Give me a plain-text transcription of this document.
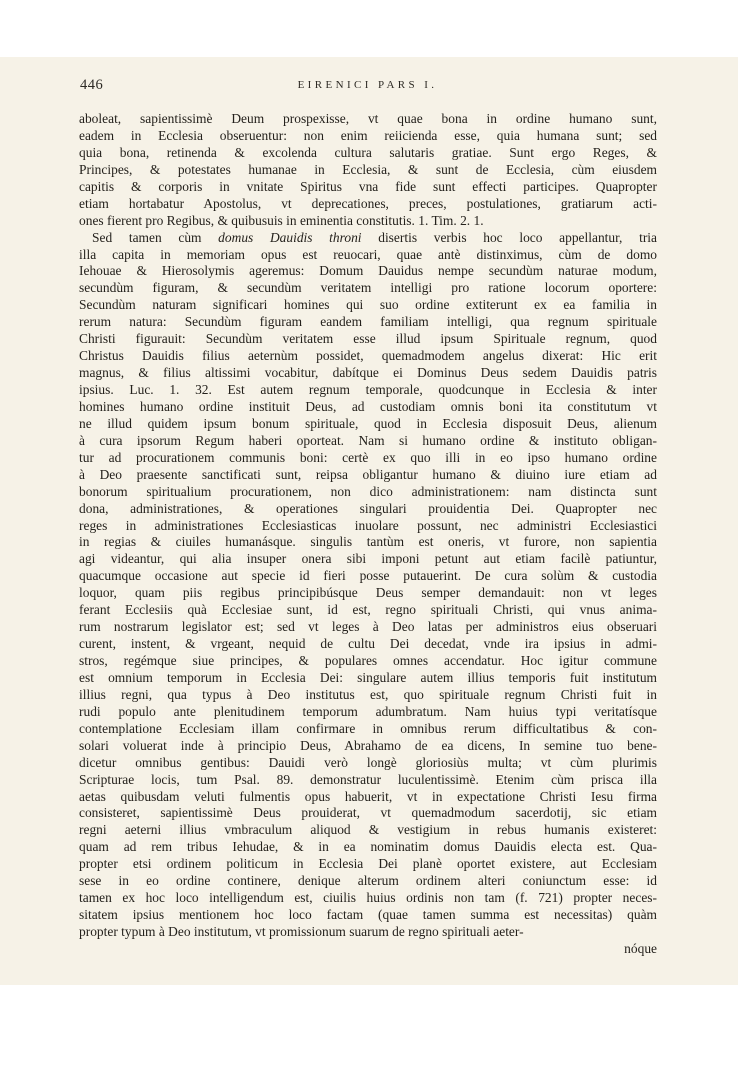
446	EIRENICI PARS I.
aboleat, sapientissimè Deum prospexisse, vt quae bona in ordine humano sunt,
eadem in Ecclesia obseruentur: non enim reiicienda esse, quia humana sunt; sed
quia bona, retinenda & excolenda cultura salutaris gratiae. Sunt ergo Reges, &
Principes, & potestates humanae in Ecclesia, & sunt de Ecclesia, cùm eiusdem
capitis & corporis in vnitate Spiritus vna fide sunt effecti participes. Quapropter
etiam hortabatur Apostolus, vt deprecationes, preces, postulationes, gratiarum acti-
ones fierent pro Regibus, & quibusuis in eminentia constitutis. 1. Tim. 2. 1.
Sed tamen cùm domus Dauidis throni disertis verbis hoc loco appellantur, tria
illa capita in memoriam opus est reuocari, quae antè distinximus, cùm de domo
Iehouae & Hierosolymis ageremus: Domum Dauidus nempe secundùm naturae modum,
secundùm figuram, & secundùm veritatem intelligi pro ratione locorum oportere:
Secundùm naturam significari homines qui suo ordine extiterunt ex ea familia in
rerum natura: Secundùm figuram eandem familiam intelligi, qua regnum spirituale
Christi figurauit: Secundùm veritatem esse illud ipsum Spirituale regnum, quod
Christus Dauidis filius aeternùm possidet, quemadmodem angelus dixerat: Hic erit
magnus, & filius altissimi vocabitur, dabítque ei Dominus Deus sedem Dauidis patris
ipsius. Luc. 1. 32. Est autem regnum temporale, quodcunque in Ecclesia & inter
homines humano ordine instituit Deus, ad custodiam omnis boni ita constitutum vt
ne illud quidem ipsum bonum spirituale, quod in Ecclesia disposuit Deus, alienum
à cura ipsorum Regum haberi oporteat. Nam si humano ordine & instituto obligan-
tur ad procurationem communis boni: certè ex quo illi in eo ipso humano ordine
à Deo praesente sanctificati sunt, reipsa obligantur humano & diuino iure etiam ad
bonorum spiritualium procurationem, non dico administrationem: nam distincta sunt
dona, administrationes, & operationes singulari prouidentia Dei. Quapropter nec
reges in administrationes Ecclesiasticas inuolare possunt, nec administri Ecclesiastici
in regias & ciuiles humanásque. singulis tantùm est oneris, vt furore, non sapientia
agi videantur, qui alia insuper onera sibi imponi petunt aut etiam facilè patiuntur,
quacumque occasione aut specie id fieri posse putauerint. De cura solùm & custodia
loquor, quam piis regibus principibúsque Deus semper demandauit: non vt leges
ferant Ecclesiis quà Ecclesiae sunt, id est, regno spirituali Christi, qui vnus anima-
rum nostrarum legislator est; sed vt leges à Deo latas per administros eius obseruari
curent, instent, & vrgeant, nequid de cultu Dei decedat, vnde ira ipsius in admi-
stros, regémque siue principes, & populares omnes accendatur. Hoc igitur commune
est omnium temporum in Ecclesia Dei: singulare autem illius temporis fuit institutum
illius regni, qua typus à Deo institutus est, quo spirituale regnum Christi fuit in
rudi populo ante plenitudinem temporum adumbratum. Nam huius typi veritatísque
contemplatione Ecclesiam illam confirmare in omnibus rerum difficultatibus & con-
solari voluerat inde à principio Deus, Abrahamo de ea dicens, In semine tuo bene-
dicetur omnibus gentibus: Dauidi verò longè gloriosiùs multa; vt cùm plurimis
Scripturae locis, tum Psal. 89. demonstratur luculentissimè. Etenim cùm prisca illa
aetas quibusdam veluti fulmentis opus habuerit, vt in expectatione Christi Iesu firma
consisteret, sapientissimè Deus prouiderat, vt quemadmodum sacerdotij, sic etiam
regni aeterni illius vmbraculum aliquod & vestigium in rebus humanis existeret:
quam ad rem tribus Iehudae, & in ea nominatim domus Dauidis electa est. Qua-
propter etsi ordinem politicum in Ecclesia Dei planè oportet existere, aut Ecclesiam
sese in eo ordine continere, denique alterum ordinem alteri coniunctum esse: id
tamen ex hoc loco intelligendum est, ciuilis huius ordinis non tam (f. 721) propter neces-
sitatem ipsius mentionem hoc loco factam (quae tamen summa est necessitas) quàm
propter typum à Deo institutum, vt promissionum suarum de regno spirituali aeter-
nóque
